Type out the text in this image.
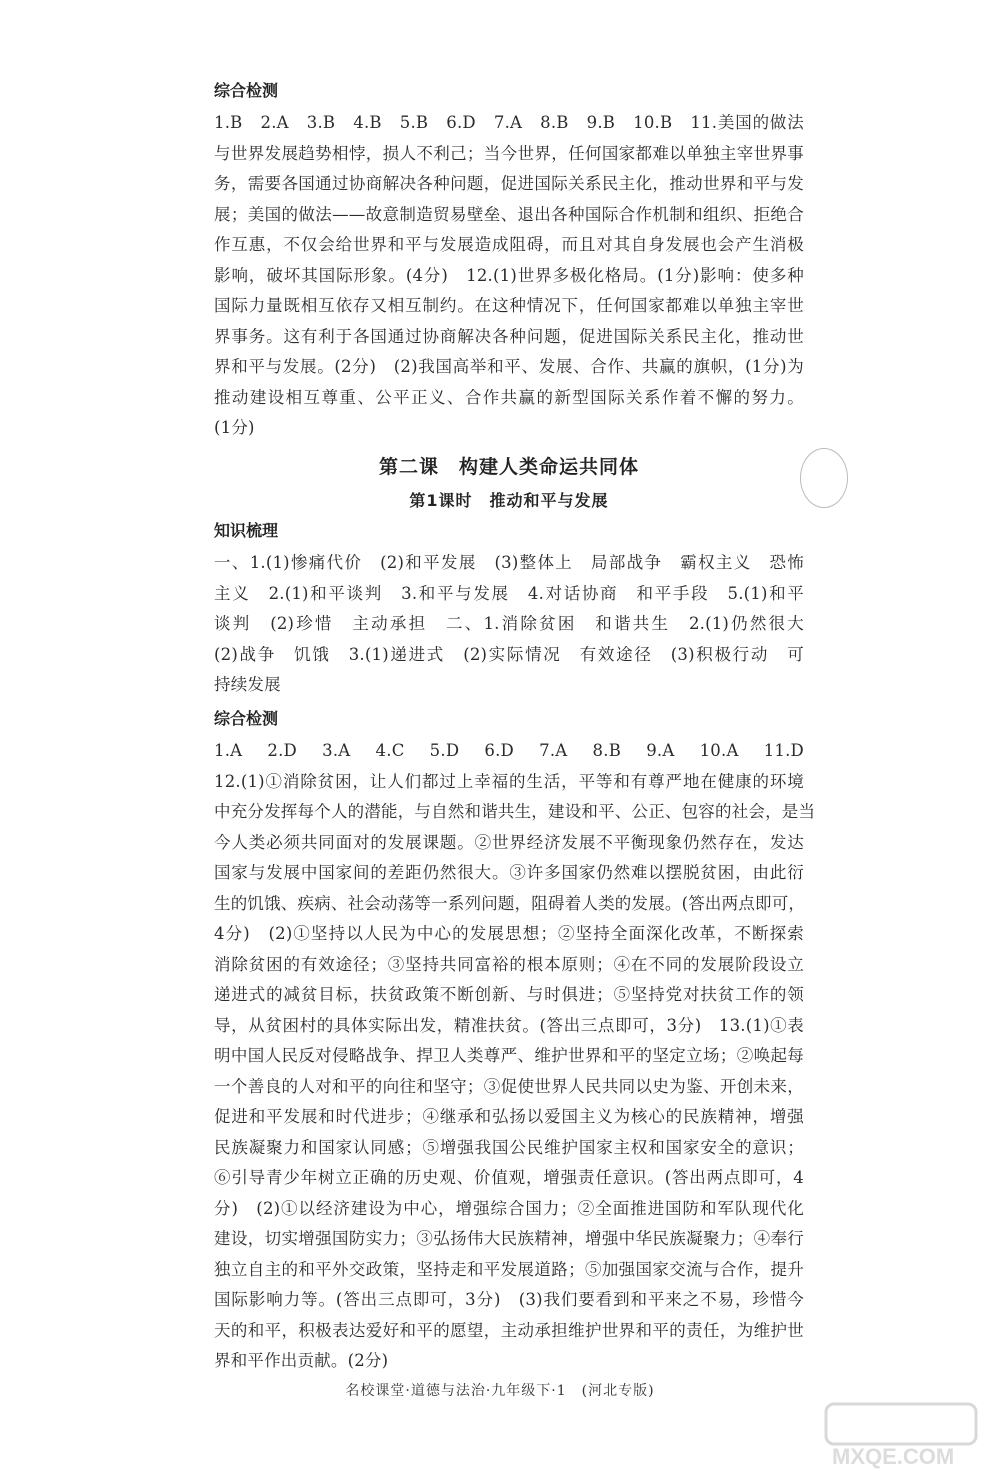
综合检测
1.B　2.A　3.B　4.B　5.B　6.D　7.A　8.B　9.B　10.B　11.美国的做法 与世界发展趋势相悖，损人不利己；当今世界，任何国家都难以单独主宰世界事 务，需要各国通过协商解决各种问题，促进国际关系民主化，推动世界和平与发 展；美国的做法——故意制造贸易壁垒、退出各种国际合作机制和组织、拒绝合 作互惠，不仅会给世界和平与发展造成阻碍，而且对其自身发展也会产生消极 影响，破坏其国际形象。(4分)　12.(1)世界多极化格局。(1分)影响：使多种 国际力量既相互依存又相互制约。在这种情况下，任何国家都难以单独主宰世 界事务。这有利于各国通过协商解决各种问题，促进国际关系民主化，推动世 界和平与发展。(2分)　(2)我国高举和平、发展、合作、共赢的旗帜，(1分)为 推动建设相互尊重、公平正义、合作共赢的新型国际关系作着不懈的努力。 (1分)
第二课　构建人类命运共同体
第1课时　推动和平与发展
知识梳理
一、1.(1)惨痛代价　(2)和平发展　(3)整体上　局部战争　霸权主义　恐怖 主义　2.(1)和平谈判　3.和平与发展　4.对话协商　和平手段　5.(1)和平 谈判　(2)珍惜　主动承担　二、1.消除贫困　和谐共生　2.(1)仍然很大 (2)战争　饥饿　3.(1)递进式　(2)实际情况　有效途径　(3)积极行动　可 持续发展
综合检测
1.A　2.D　3.A　4.C　5.D　6.D　7.A　8.B　9.A　10.A　11.D 12.(1)①消除贫困，让人们都过上幸福的生活，平等和有尊严地在健康的环境 中充分发挥每个人的潜能，与自然和谐共生，建设和平、公正、包容的社会，是当 今人类必须共同面对的发展课题。②世界经济发展不平衡现象仍然存在，发达 国家与发展中国家间的差距仍然很大。③许多国家仍然难以摆脱贫困，由此衍 生的饥饿、疾病、社会动荡等一系列问题，阻碍着人类的发展。(答出两点即可， 4分)　(2)①坚持以人民为中心的发展思想；②坚持全面深化改革，不断探索 消除贫困的有效途径；③坚持共同富裕的根本原则；④在不同的发展阶段设立 递进式的减贫目标，扶贫政策不断创新、与时俱进；⑤坚持党对扶贫工作的领 导，从贫困村的具体实际出发，精准扶贫。(答出三点即可，3分)　13.(1)①表 明中国人民反对侵略战争、捍卫人类尊严、维护世界和平的坚定立场；②唤起每 一个善良的人对和平的向往和坚守；③促使世界人民共同以史为鉴、开创未来， 促进和平发展和时代进步；④继承和弘扬以爱国主义为核心的民族精神，增强 民族凝聚力和国家认同感；⑤增强我国公民维护国家主权和国家安全的意识； ⑥引导青少年树立正确的历史观、价值观，增强责任意识。(答出两点即可，4 分)　(2)①以经济建设为中心，增强综合国力；②全面推进国防和军队现代化 建设，切实增强国防实力；③弘扬伟大民族精神，增强中华民族凝聚力；④奉行 独立自主的和平外交政策，坚持走和平发展道路；⑤加强国家交流与合作，提升 国际影响力等。(答出三点即可，3分)　(3)我们要看到和平来之不易，珍惜今 天的和平，积极表达爱好和平的愿望，主动承担维护世界和平的责任，为维护世 界和平作出贡献。(2分)
名校课堂·道德与法治·九年级下·1　(河北专版)
MXQE.COM
